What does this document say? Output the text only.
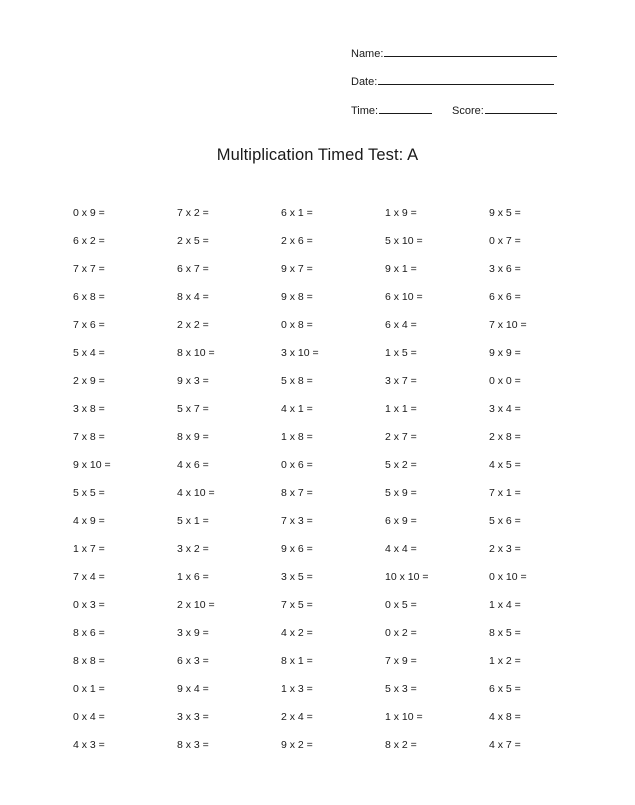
Name:
Date:
Time:	Score:
Multiplication Timed Test: A
0 x 9 =	7 x 2 =	6 x 1 =	1 x 9 =	9 x 5 =
6 x 2 =	2 x 5 =	2 x 6 =	5 x 10 =	0 x 7 =
7 x 7 =	6 x 7 =	9 x 7 =	9 x 1 =	3 x 6 =
6 x 8 =	8 x 4 =	9 x 8 =	6 x 10 =	6 x 6 =
7 x 6 =	2 x 2 =	0 x 8 =	6 x 4 =	7 x 10 =
5 x 4 =	8 x 10 =	3 x 10 =	1 x 5 =	9 x 9 =
2 x 9 =	9 x 3 =	5 x 8 =	3 x 7 =	0 x 0 =
3 x 8 =	5 x 7 =	4 x 1 =	1 x 1 =	3 x 4 =
7 x 8 =	8 x 9 =	1 x 8 =	2 x 7 =	2 x 8 =
9 x 10 =	4 x 6 =	0 x 6 =	5 x 2 =	4 x 5 =
5 x 5 =	4 x 10 =	8 x 7 =	5 x 9 =	7 x 1 =
4 x 9 =	5 x 1 =	7 x 3 =	6 x 9 =	5 x 6 =
1 x 7 =	3 x 2 =	9 x 6 =	4 x 4 =	2 x 3 =
7 x 4 =	1 x 6 =	3 x 5 =	10 x 10 =	0 x 10 =
0 x 3 =	2 x 10 =	7 x 5 =	0 x 5 =	1 x 4 =
8 x 6 =	3 x 9 =	4 x 2 =	0 x 2 =	8 x 5 =
8 x 8 =	6 x 3 =	8 x 1 =	7 x 9 =	1 x 2 =
0 x 1 =	9 x 4 =	1 x 3 =	5 x 3 =	6 x 5 =
0 x 4 =	3 x 3 =	2 x 4 =	1 x 10 =	4 x 8 =
4 x 3 =	8 x 3 =	9 x 2 =	8 x 2 =	4 x 7 =
